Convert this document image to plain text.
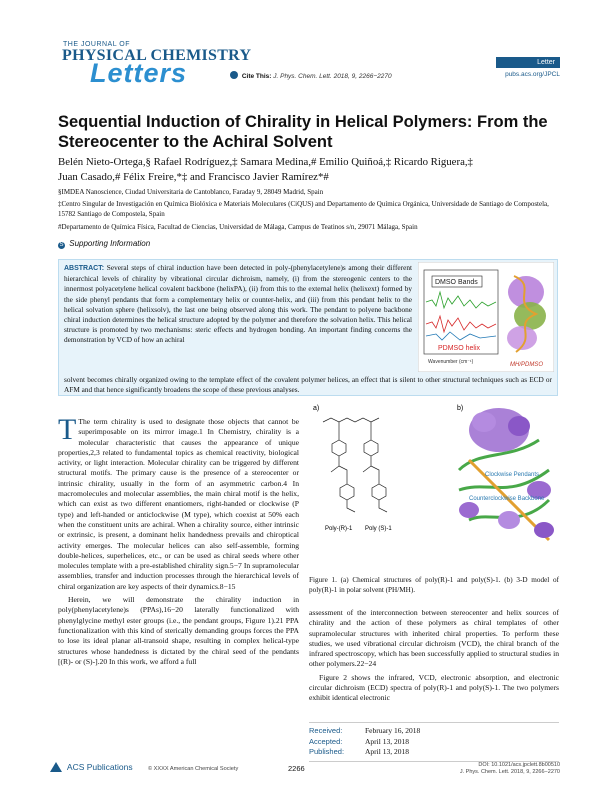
THE JOURNAL OF
PHYSICAL CHEMISTRY
Letters	Cite This: J. Phys. Chem. Lett. 2018, 9, 2266−2270
Letter
pubs.acs.org/JPCL
Sequential Induction of Chirality in Helical Polymers: From the Stereocenter to the Achiral Solvent
Belén Nieto-Ortega,§ Rafael Rodríguez,‡ Samara Medina,# Emilio Quiñoá,‡ Ricardo Riguera,‡
Juan Casado,# Félix Freire,*‡ and Francisco Javier Ramírez*#
§IMDEA Nanoscience, Ciudad Universitaria de Cantoblanco, Faraday 9, 28049 Madrid, Spain
‡Centro Singular de Investigación en Química Biolóxica e Materiais Moleculares (CiQUS) and Departamento de Química Orgánica, Universidade de Santiago de Compostela, 15782 Santiago de Compostela, Spain
#Departamento de Química Física, Facultad de Ciencias, Universidad de Málaga, Campus de Teatinos s/n, 29071 Málaga, Spain
S Supporting Information
ABSTRACT: Several steps of chiral induction have been detected in poly-(phenylacetylene)s among their different hierarchical levels of chirality by vibrational circular dichroism, namely, (i) from the stereogenic centers to the innermost polyacetylene helical covalent backbone (helixPA), (ii) from this to the external helix (helixext) formed by the side phenyl pendants that form a complementary helix or counter-helix, and (iii) from this pendant helix to the helical solvation sphere (helixsolv), the last one being observed along this work. The pendant to polyene backbone chiral induction determines the helical structure adopted by the polymer and therefore the solvation helix. This helical structure is promoted by two mechanisms: steric effects and hydrogen bonding. An important finding concerns the demonstration by VCD of how an achiral
solvent becomes chirally organized owing to the template effect of the covalent polymer helices, an effect that is silent to other structural techniques such as ECD or AFM and that hence significantly broadens the scope of these previous analyses.
DMSO Bands
PDMSO helix
Wavenumber (cm⁻¹)	MH/PDMSO

T The term chirality is used to designate those objects that cannot be superimposable on its mirror image.1 In Chemistry, chirality is a molecular characteristic that causes the appearance of unique properties,2,3 related to fundamental topics as chemical reactivity, biological activity, or light interaction. Molecular chirality can be triggered by different structural motifs. The primary cause is the presence of a stereocenter or intrinsic chirality, usually in the form of an asymmetric carbon.4 In macromolecules and molecular assemblies, the main chiral motif is the helix, which can exist as two different enantiomers, right-handed or clockwise (P type) and left-handed or anticlockwise (M type), which coexist at 50% each when the constituent units are achiral. When a chirality source, either intrinsic or extrinsic, is present, a dominant helix handedness prevails and chiroptical activity emerges. The molecular helices can also self-assemble, forming double-helices, superhelices, etc., or can be used as chiral seeds where other molecules template with a pre-established chirality sign.5−7 In supramolecular assemblies, transfer and induction processes through the hierarchical levels of chiral organization are key aspects of their dynamics.8−15

Herein, we will demonstrate the chirality induction in poly(phenylacetylene)s (PPAs),16−20 laterally functionalized with phenylglycine methyl ester groups (i.e., the pendant groups, Figure 1).21 PPA functionalization with this kind of sterically demanding groups forces the PPA to lose its ideal planar all-transoid shape, resulting in complex helical-type structures whose handedness is dictated by the chiral seed of the pendants [(R)- or (S)-].20 In this work, we afford a full

a)
Poly-(R)-1 Poly (S)-1
b)
Clockwise Pendants
Counterclockwise Backbone
Figure 1. (a) Chemical structures of poly(R)-1 and poly(S)-1. (b) 3-D model of poly(R)-1 in polar solvent (PH/MH).

assessment of the interconnection between stereocenter and helix sources of chirality and the action of these polymers as chiral templates of other supramolecular structures with inherited chiral properties. To perform these studies, we used vibrational circular dichroism (VCD), the chiral branch of the infrared spectroscopy, which has been successfully applied to structural studies in other polymers.22−24

Figure 2 shows the infrared, VCD, electronic absorption, and electronic circular dichroism (ECD) spectra of poly(R)-1 and poly(S)-1. The two polymers exhibit identical electronic

Received:	February 16, 2018
Accepted:	April 13, 2018
Published:	April 13, 2018
ACS Publications	© XXXX American Chemical Society	2266	DOI: 10.1021/acs.jpclett.8b00510
J. Phys. Chem. Lett. 2018, 9, 2266−2270
